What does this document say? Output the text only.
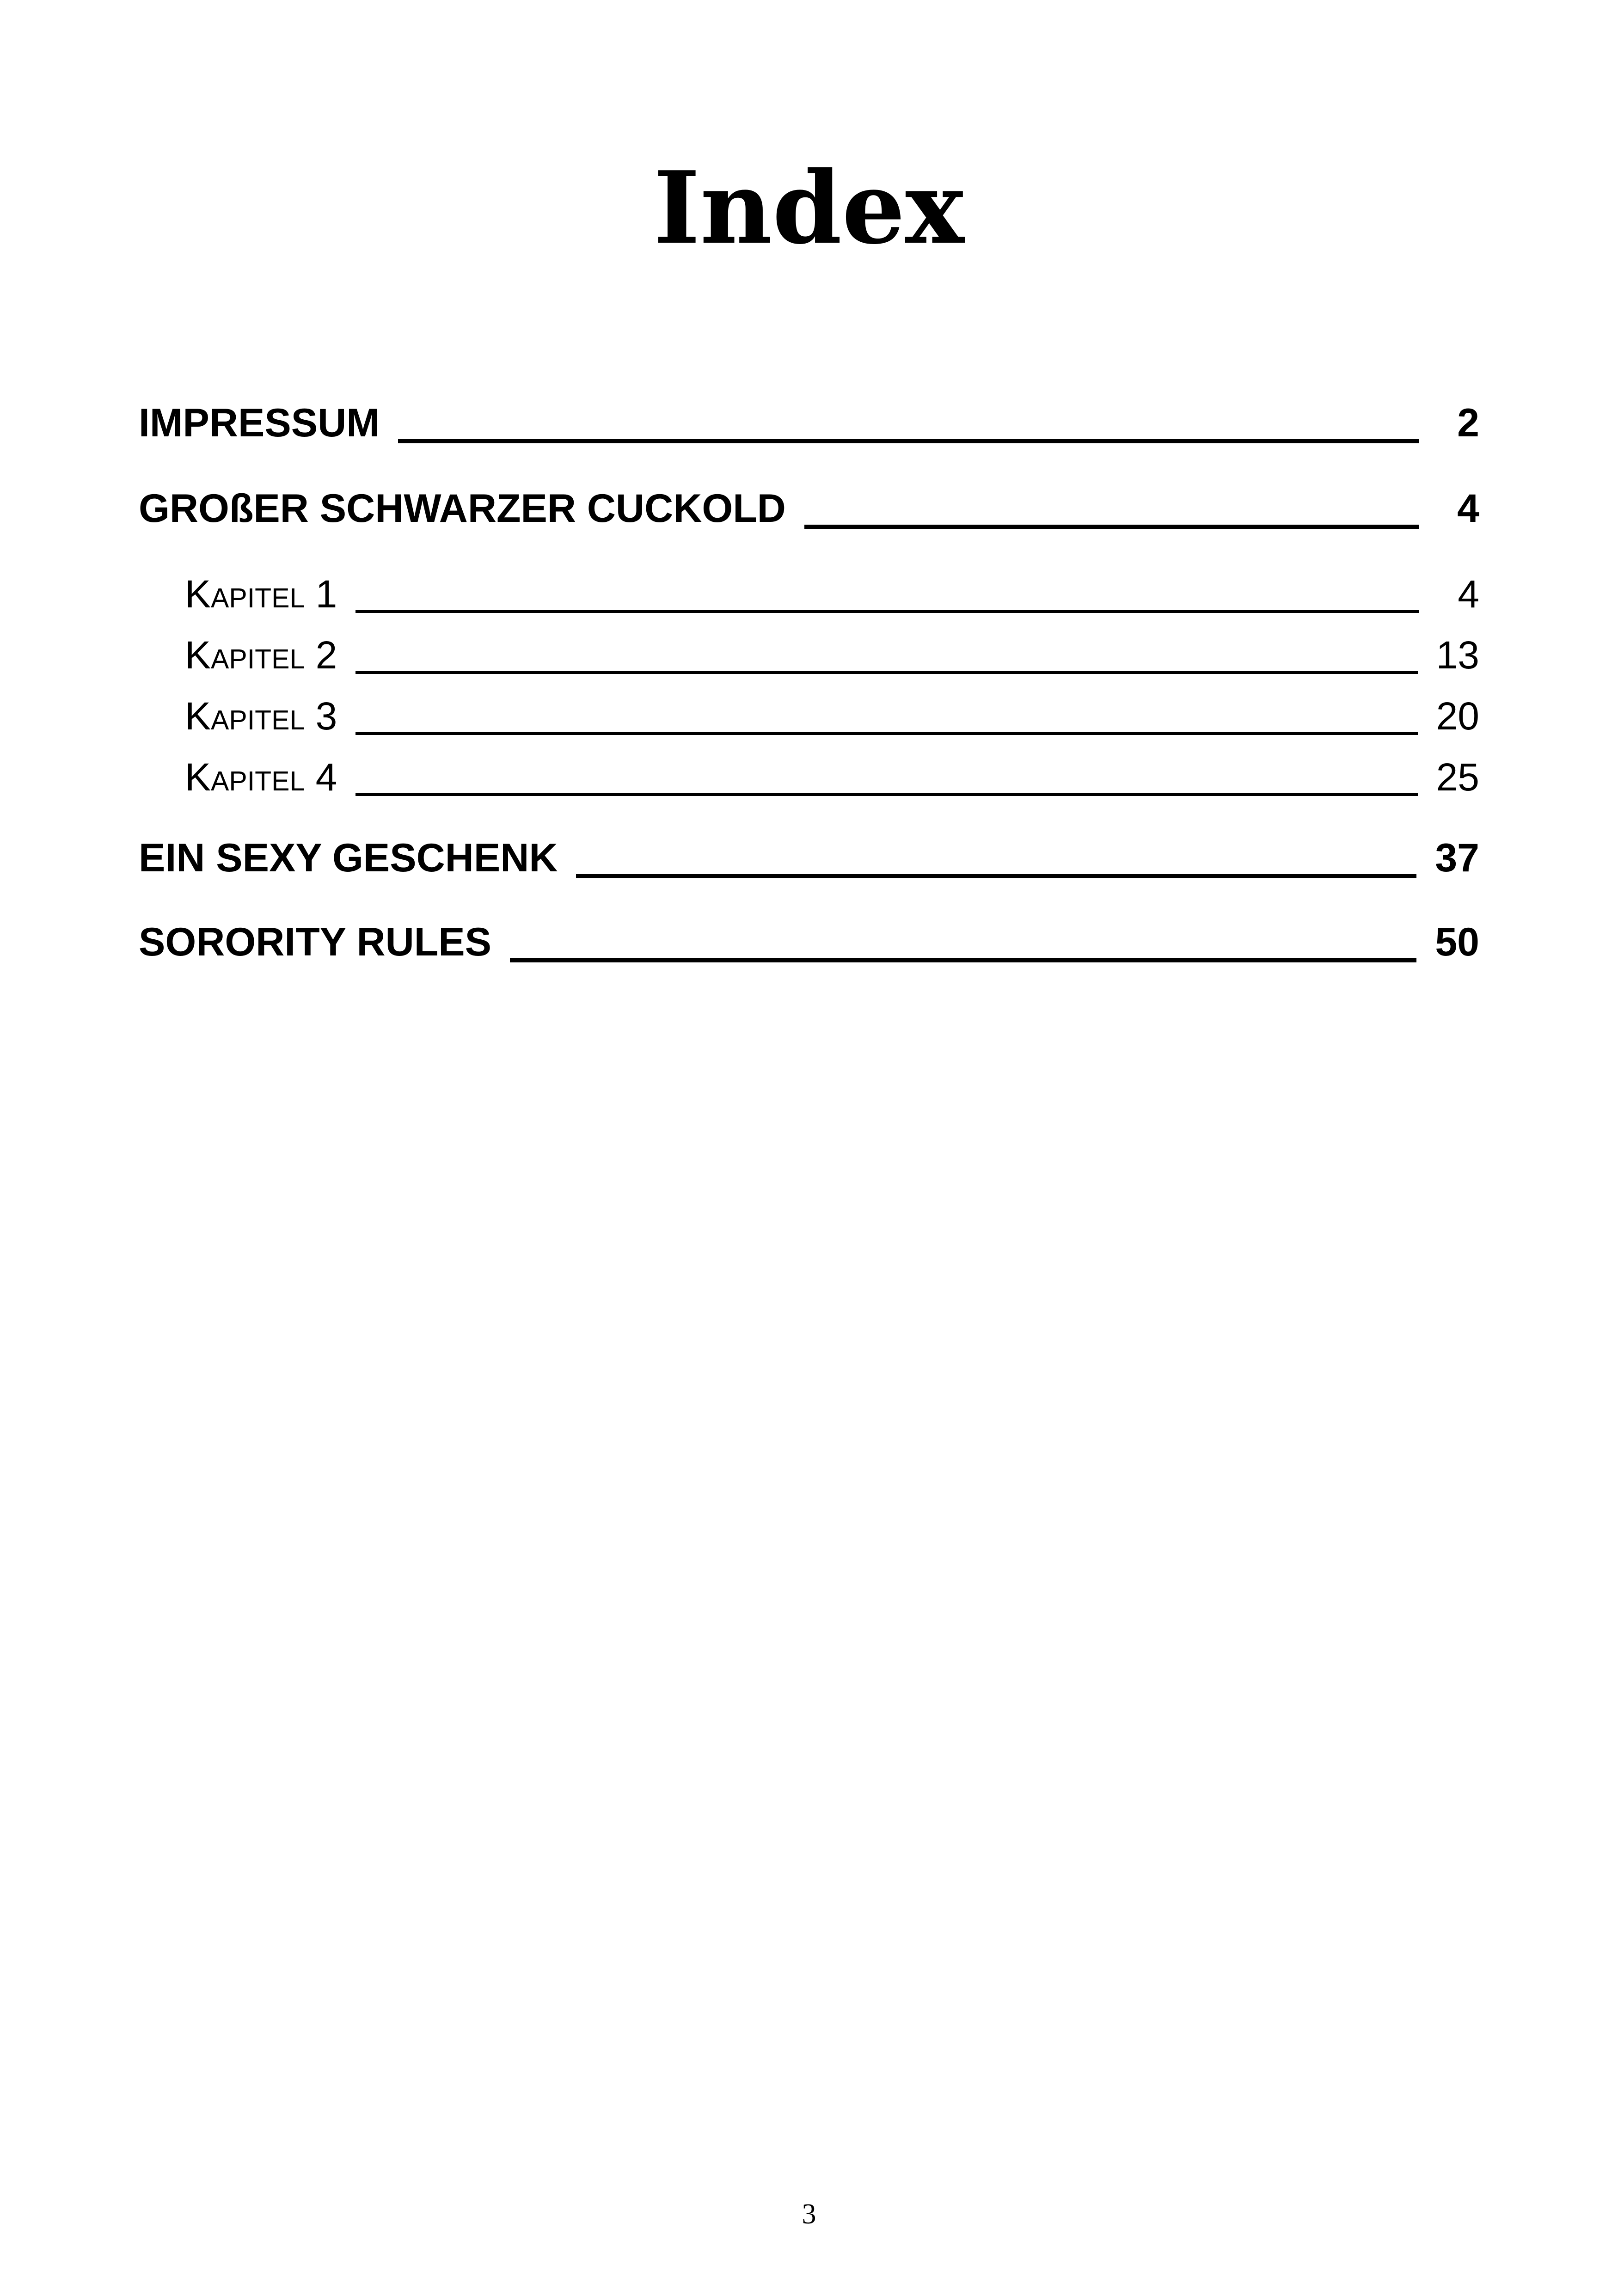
Index
IMPRESSUM	2
GROßER SCHWARZER CUCKOLD	4
Kapitel 1	4
Kapitel 2	13
Kapitel 3	20
Kapitel 4	25
EIN SEXY GESCHENK	37
SORORITY RULES	50
3
